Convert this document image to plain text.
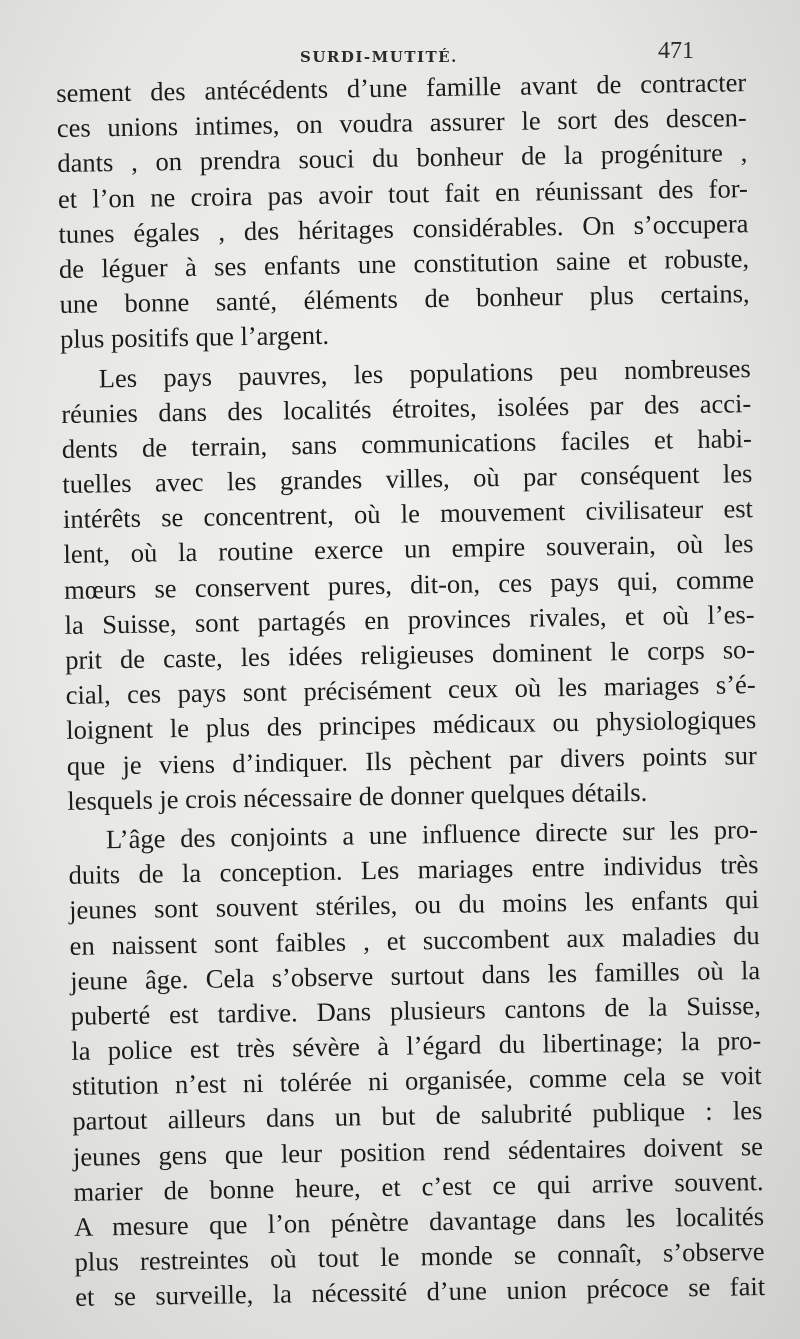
SURDI-MUTITÉ.	471
sement des antécédents d’une famille avant de contracter
ces unions intimes, on voudra assurer le sort des descen-
dants , on prendra souci du bonheur de la progéniture ,
et l’on ne croira pas avoir tout fait en réunissant des for-
tunes égales , des héritages considérables. On s’occupera
de léguer à ses enfants une constitution saine et robuste,
une bonne santé, éléments de bonheur plus certains,
plus positifs que l’argent.
Les pays pauvres, les populations peu nombreuses
réunies dans des localités étroites, isolées par des acci-
dents de terrain, sans communications faciles et habi-
tuelles avec les grandes villes, où par conséquent les
intérêts se concentrent, où le mouvement civilisateur est
lent, où la routine exerce un empire souverain, où les
mœurs se conservent pures, dit-on, ces pays qui, comme
la Suisse, sont partagés en provinces rivales, et où l’es-
prit de caste, les idées religieuses dominent le corps so-
cial, ces pays sont précisément ceux où les mariages s’é-
loignent le plus des principes médicaux ou physiologiques
que je viens d’indiquer. Ils pèchent par divers points sur
lesquels je crois nécessaire de donner quelques détails.
L’âge des conjoints a une influence directe sur les pro-
duits de la conception. Les mariages entre individus très
jeunes sont souvent stériles, ou du moins les enfants qui
en naissent sont faibles , et succombent aux maladies du
jeune âge. Cela s’observe surtout dans les familles où la
puberté est tardive. Dans plusieurs cantons de la Suisse,
la police est très sévère à l’égard du libertinage; la pro-
stitution n’est ni tolérée ni organisée, comme cela se voit
partout ailleurs dans un but de salubrité publique : les
jeunes gens que leur position rend sédentaires doivent se
marier de bonne heure, et c’est ce qui arrive souvent.
A mesure que l’on pénètre davantage dans les localités
plus restreintes où tout le monde se connaît, s’observe
et se surveille, la nécessité d’une union précoce se fait
